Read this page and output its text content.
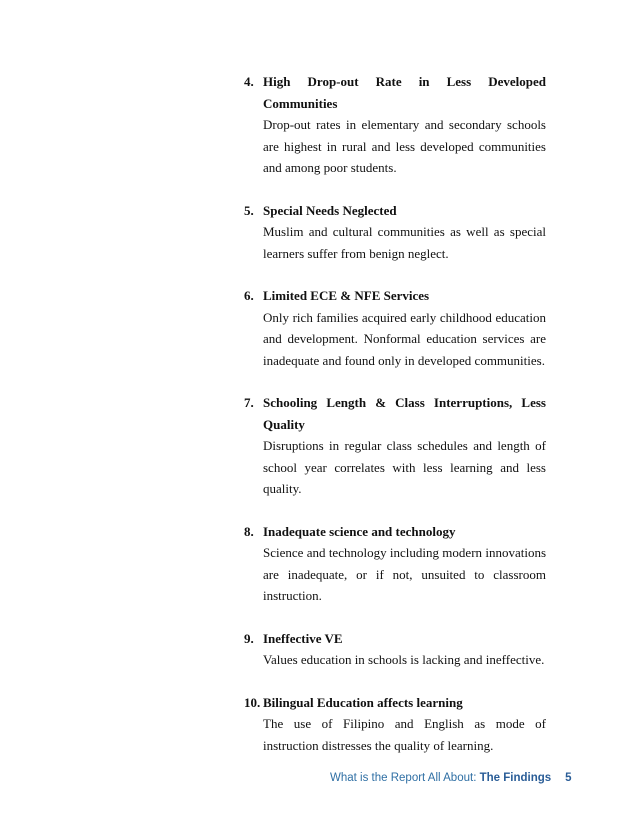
4. High Drop-out Rate in Less Developed Communities
Drop-out rates in elementary and secondary schools are highest in rural and less developed communities and among poor students.
5. Special Needs Neglected
Muslim and cultural communities as well as special learners suffer from benign neglect.
6. Limited ECE & NFE Services
Only rich families acquired early childhood education and development. Nonformal education services are inadequate and found only in developed communities.
7. Schooling Length & Class Interruptions, Less Quality
Disruptions in regular class schedules and length of school year correlates with less learning and less quality.
8. Inadequate science and technology
Science and technology including modern innovations are inadequate, or if not, unsuited to classroom instruction.
9. Ineffective VE
Values education in schools is lacking and ineffective.
10. Bilingual Education affects learning
The use of Filipino and English as mode of instruction distresses the quality of learning.
What is the Report All About: The Findings 5
